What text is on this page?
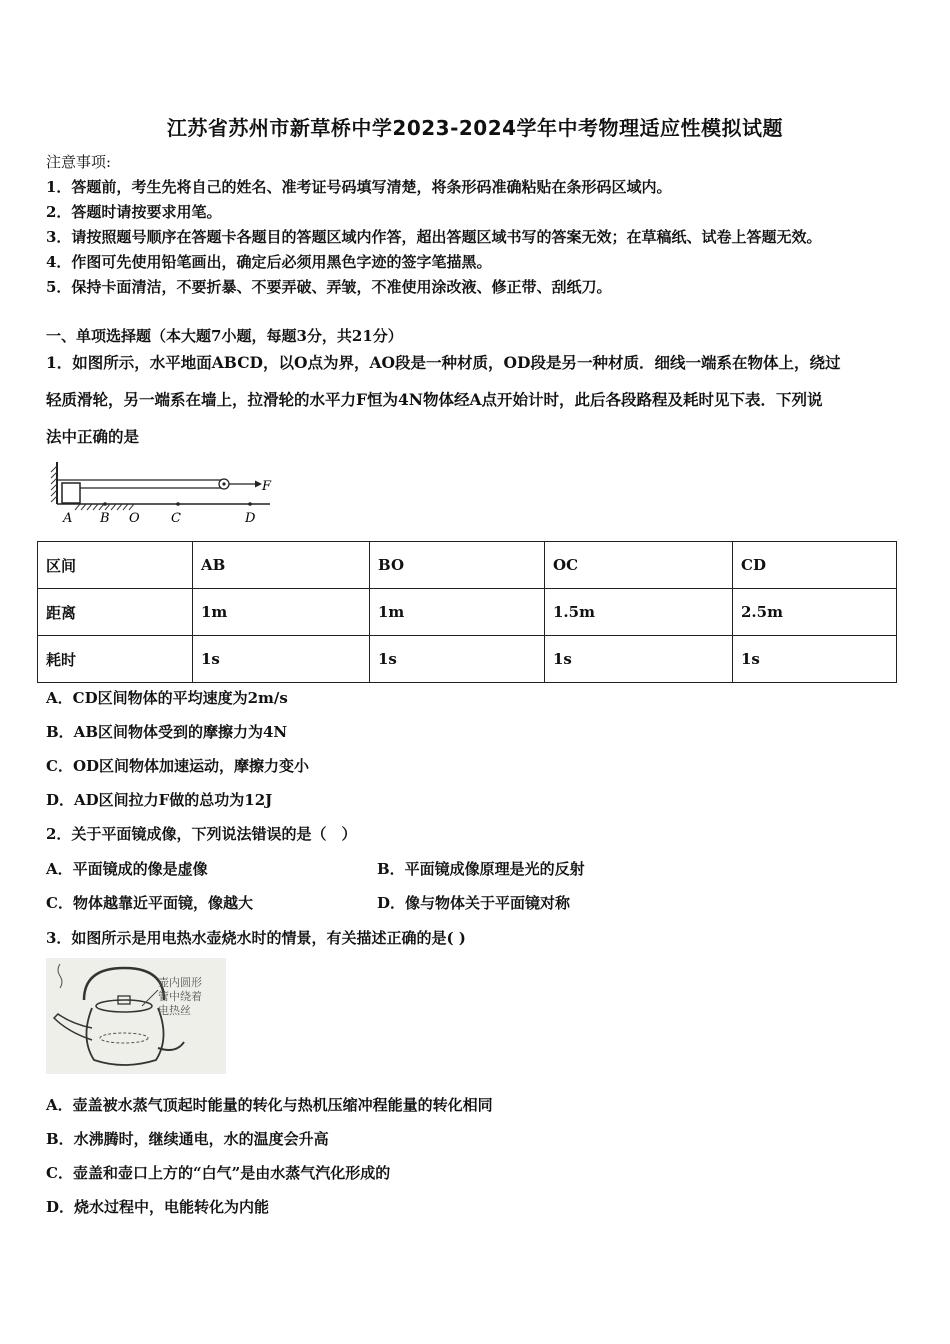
江苏省苏州市新草桥中学2023-2024学年中考物理适应性模拟试题
注意事项:
1．答题前，考生先将自己的姓名、准考证号码填写清楚，将条形码准确粘贴在条形码区域内。
2．答题时请按要求用笔。
3．请按照题号顺序在答题卡各题目的答题区域内作答，超出答题区域书写的答案无效；在草稿纸、试卷上答题无效。
4．作图可先使用铅笔画出，确定后必须用黑色字迹的签字笔描黑。
5．保持卡面清洁，不要折暴、不要弄破、弄皱，不准使用涂改液、修正带、刮纸刀。
一、单项选择题（本大题7小题，每题3分，共21分）
1．如图所示，水平地面ABCD，以O点为界，AO段是一种材质，OD段是另一种材质．细线一端系在物体上，绕过
轻质滑轮，另一端系在墙上，拉滑轮的水平力F恒为4N物体经A点开始计时，此后各段路程及耗时见下表．下列说
法中正确的是
F
A B O C	D
区间	AB	BO	OC	CD
距离	1m	1m	1.5m	2.5m
耗时	1s	1s	1s	1s
A．CD区间物体的平均速度为2m/s
B．AB区间物体受到的摩擦力为4N
C．OD区间物体加速运动，摩擦力变小
D．AD区间拉力F做的总功为12J
2．关于平面镜成像，下列说法错误的是（　）
A．平面镜成的像是虚像	B．平面镜成像原理是光的反射
C．物体越靠近平面镜，像越大	D．像与物体关于平面镜对称
3．如图所示是用电热水壶烧水时的情景，有关描述正确的是( )
壶内圆形
管中绕着
电热丝
A．壶盖被水蒸气顶起时能量的转化与热机压缩冲程能量的转化相同
B．水沸腾时，继续通电，水的温度会升高
C．壶盖和壶口上方的“白气”是由水蒸气汽化形成的
D．烧水过程中，电能转化为内能
